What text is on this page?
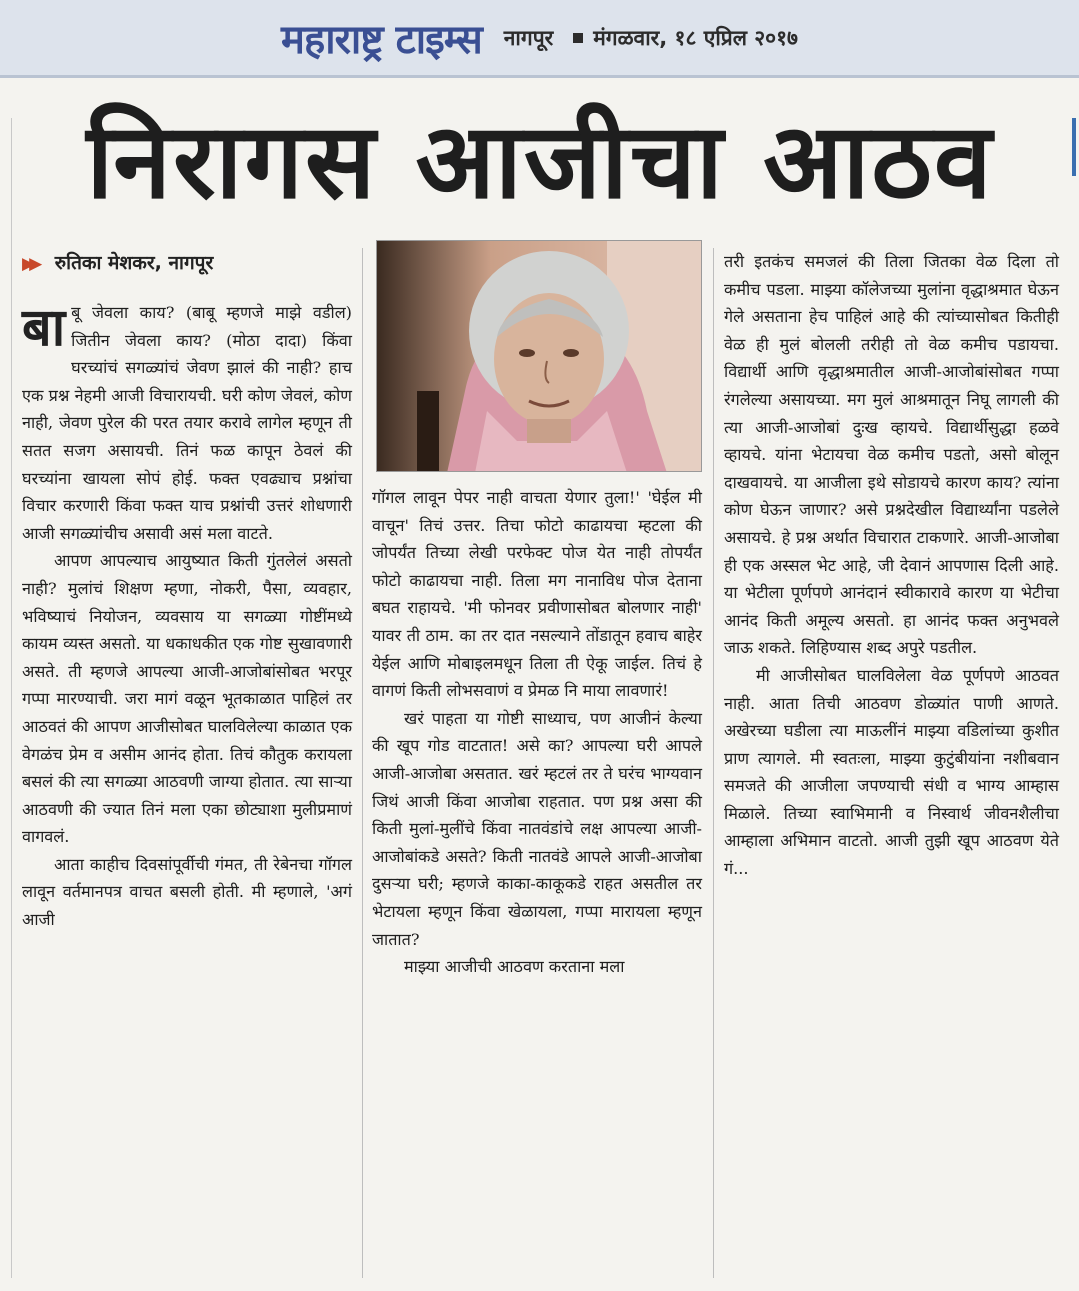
महाराष्ट्र टाइम्स नागपूर मंगळवार, १८ एप्रिल २०१७
निरागस आजीचा आठव
▶▶ रुतिका मेशकर, नागपूर

बाबू जेवला काय? (बाबू म्हणजे माझे वडील) जितीन जेवला काय? (मोठा दादा) किंवा घरच्यांचं सगळ्यांचं जेवण झालं की नाही? हाच एक प्रश्न नेहमी आजी विचारायची. घरी कोण जेवलं, कोण नाही, जेवण पुरेल की परत तयार करावे लागेल म्हणून ती सतत सजग असायची. तिनं फळ कापून ठेवलं की घरच्यांना खायला सोपं होई. फक्त एवढ्याच प्रश्नांचा विचार करणारी किंवा फक्त याच प्रश्नांची उत्तरं शोधणारी आजी सगळ्यांचीच असावी असं मला वाटते.

आपण आपल्याच आयुष्यात किती गुंतलेलं असतो नाही? मुलांचं शिक्षण म्हणा, नोकरी, पैसा, व्यवहार, भविष्याचं नियोजन, व्यवसाय या सगळ्या गोष्टींमध्ये कायम व्यस्त असतो. या धकाधकीत एक गोष्ट सुखावणारी असते. ती म्हणजे आपल्या आजी-आजोबांसोबत भरपूर गप्पा मारण्याची. जरा मागं वळून भूतकाळात पाहिलं तर आठवतं की आपण आजीसोबत घालविलेल्या काळात एक वेगळंच प्रेम व असीम आनंद होता. तिचं कौतुक करायला बसलं की त्या सगळ्या आठवणी जाग्या होतात. त्या साऱ्या आठवणी की ज्यात तिनं मला एका छोट्याशा मुलीप्रमाणं वागवलं.

आता काहीच दिवसांपूर्वीची गंमत, ती रेबेनचा गॉगल लावून वर्तमानपत्र वाचत बसली होती. मी म्हणाले, 'अगं आजी

गॉगल लावून पेपर नाही वाचता येणार तुला!' 'घेईल मी वाचून' तिचं उत्तर. तिचा फोटो काढायचा म्हटला की जोपर्यंत तिच्या लेखी परफेक्ट पोज येत नाही तोपर्यंत फोटो काढायचा नाही. तिला मग नानाविध पोज देताना बघत राहायचे. 'मी फोनवर प्रवीणासोबत बोलणार नाही' यावर ती ठाम. का तर दात नसल्याने तोंडातून हवाच बाहेर येईल आणि मोबाइलमधून तिला ती ऐकू जाईल. तिचं हे वागणं किती लोभसवाणं व प्रेमळ नि माया लावणारं!

खरं पाहता या गोष्टी साध्याच, पण आजीनं केल्या की खूप गोड वाटतात! असे का? आपल्या घरी आपले आजी-आजोबा असतात. खरं म्हटलं तर ते घरंच भाग्यवान जिथं आजी किंवा आजोबा राहतात. पण प्रश्न असा की किती मुलां-मुलींचे किंवा नातवंडांचे लक्ष आपल्या आजी-आजोबांकडे असते? किती नातवंडे आपले आजी-आजोबा दुसऱ्या घरी; म्हणजे काका-काकूकडे राहत असतील तर भेटायला म्हणून किंवा खेळायला, गप्पा मारायला म्हणून जातात?

माझ्या आजीची आठवण करताना मला

तरी इतकंच समजलं की तिला जितका वेळ दिला तो कमीच पडला. माझ्या कॉलेजच्या मुलांना वृद्धाश्रमात घेऊन गेले असताना हेच पाहिलं आहे की त्यांच्यासोबत कितीही वेळ ही मुलं बोलली तरीही तो वेळ कमीच पडायचा. विद्यार्थी आणि वृद्धाश्रमातील आजी-आजोबांसोबत गप्पा रंगलेल्या असायच्या. मग मुलं आश्रमातून निघू लागली की त्या आजी-आजोबां दुःख व्हायचे. विद्यार्थीसुद्धा हळवे व्हायचे. यांना भेटायचा वेळ कमीच पडतो, असो बोलून दाखवायचे. या आजीला इथे सोडायचे कारण काय? त्यांना कोण घेऊन जाणार? असे प्रश्नदेखील विद्यार्थ्यांना पडलेले असायचे. हे प्रश्न अर्थात विचारात टाकणारे. आजी-आजोबा ही एक अस्सल भेट आहे, जी देवानं आपणास दिली आहे. या भेटीला पूर्णपणे आनंदानं स्वीकारावे कारण या भेटीचा आनंद किती अमूल्य असतो. हा आनंद फक्त अनुभवले जाऊ शकते. लिहिण्यास शब्द अपुरे पडतील.

मी आजीसोबत घालविलेला वेळ पूर्णपणे आठवत नाही. आता तिची आठवण डोळ्यांत पाणी आणते. अखेरच्या घडीला त्या माऊलींनं माझ्या वडिलांच्या कुशीत प्राण त्यागले. मी स्वतःला, माझ्या कुटुंबीयांना नशीबवान समजते की आजीला जपण्याची संधी व भाग्य आम्हास मिळाले. तिच्या स्वाभिमानी व निस्वार्थ जीवनशैलीचा आम्हाला अभिमान वाटतो. आजी तुझी खूप आठवण येते गं...
